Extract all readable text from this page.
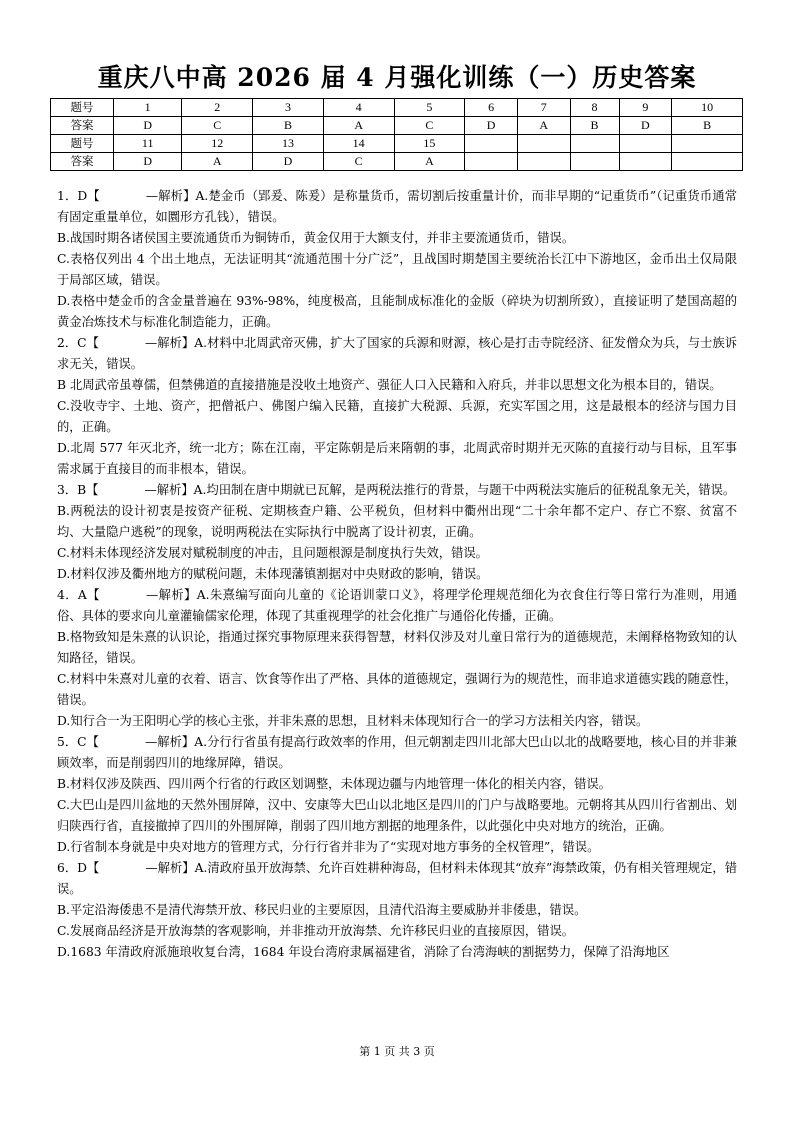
重庆八中高 2026 届 4 月强化训练（一）历史答案
题号	1	2	3	4	5	6	7	8	9	10
答案	D	C	B	A	C	D	A	B	D	B
题号	11	12	13	14	15					
答案	D	A	D	C	A					

1．D【	—解析】A.楚金币（郢爰、陈爰）是称量货币，需切割后按重量计价，而非早期的“记重货币”（记重货币通常有固定重量单位，如圜形方孔钱），错误。

B.战国时期各诸侯国主要流通货币为铜铸币，黄金仅用于大额支付，并非主要流通货币，错误。

C.表格仅列出 4 个出土地点，无法证明其“流通范围十分广泛”，且战国时期楚国主要统治长江中下游地区，金币出土仅局限于局部区域，错误。

D.表格中楚金币的含金量普遍在 93%-98%，纯度极高，且能制成标准化的金版（碎块为切割所致），直接证明了楚国高超的黄金冶炼技术与标准化制造能力，正确。

2．C【	—解析】A.材料中北周武帝灭佛，扩大了国家的兵源和财源，核心是打击寺院经济、征发僧众为兵，与士族诉求无关，错误。

B 北周武帝虽尊儒，但禁佛道的直接措施是没收土地资产、强征人口入民籍和入府兵，并非以思想文化为根本目的，错误。

C.没收寺宇、土地、资产，把僧祇户、佛图户编入民籍，直接扩大税源、兵源，充实军国之用，这是最根本的经济与国力目的，正确。

D.北周 577 年灭北齐，统一北方；陈在江南，平定陈朝是后来隋朝的事，北周武帝时期并无灭陈的直接行动与目标，且军事需求属于直接目的而非根本，错误。

3．B【	—解析】A.均田制在唐中期就已瓦解，是两税法推行的背景，与题干中两税法实施后的征税乱象无关，错误。

B.两税法的设计初衷是按资产征税、定期核查户籍、公平税负，但材料中衢州出现“二十余年都不定户、存亡不察、贫富不均、大量隐户逃税”的现象，说明两税法在实际执行中脱离了设计初衷，正确。

C.材料未体现经济发展对赋税制度的冲击，且问题根源是制度执行失效，错误。

D.材料仅涉及衢州地方的赋税问题，未体现藩镇割据对中央财政的影响，错误。

4．A【	—解析】A.朱熹编写面向儿童的《论语训蒙口义》，将理学伦理规范细化为衣食住行等日常行为准则，用通俗、具体的要求向儿童灌输儒家伦理，体现了其重视理学的社会化推广与通俗化传播，正确。

B.格物致知是朱熹的认识论，指通过探究事物原理来获得智慧，材料仅涉及对儿童日常行为的道德规范，未阐释格物致知的认知路径，错误。

C.材料中朱熹对儿童的衣着、语言、饮食等作出了严格、具体的道德规定，强调行为的规范性，而非追求道德实践的随意性，错误。

D.知行合一为王阳明心学的核心主张，并非朱熹的思想，且材料未体现知行合一的学习方法相关内容，错误。

5．C【	—解析】A.分行行省虽有提高行政效率的作用，但元朝割走四川北部大巴山以北的战略要地，核心目的并非兼顾效率，而是削弱四川的地缘屏障，错误。

B.材料仅涉及陕西、四川两个行省的行政区划调整，未体现边疆与内地管理一体化的相关内容，错误。

C.大巴山是四川盆地的天然外围屏障，汉中、安康等大巴山以北地区是四川的门户与战略要地。元朝将其从四川行省割出、划归陕西行省，直接撤掉了四川的外围屏障，削弱了四川地方割据的地理条件，以此强化中央对地方的统治，正确。

D.行省制本身就是中央对地方的管理方式，分行行省并非为了“实现对地方事务的全权管理”，错误。

6．D【	—解析】A.清政府虽开放海禁、允许百姓耕种海岛，但材料未体现其“放弃”海禁政策，仍有相关管理规定，错误。

B.平定沿海倭患不是清代海禁开放、移民归业的主要原因，且清代沿海主要威胁并非倭患，错误。

C.发展商品经济是开放海禁的客观影响，并非推动开放海禁、允许移民归业的直接原因，错误。

D.1683 年清政府派施琅收复台湾，1684 年设台湾府隶属福建省，消除了台湾海峡的割据势力，保障了沿海地区

第 1 页 共 3 页
